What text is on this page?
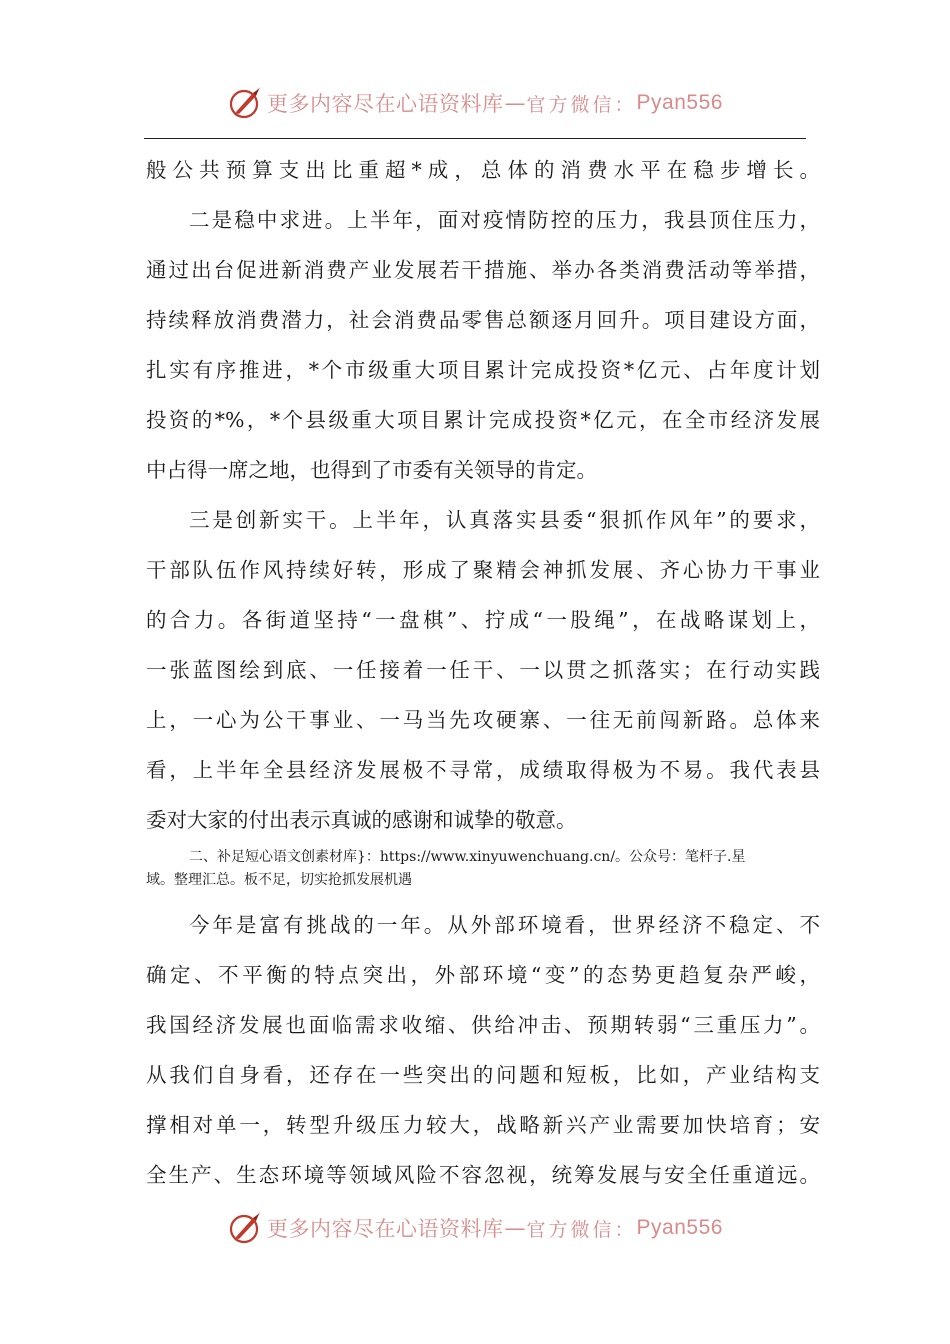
更多内容尽在心语资料库 — 官方微信： Pyan556
般公共预算支出比重超*成，总体的消费水平在稳步增长。
二是稳中求进。上半年，面对疫情防控的压力，我县顶住压力，
通过出台促进新消费产业发展若干措施、举办各类消费活动等举措，
持续释放消费潜力，社会消费品零售总额逐月回升。项目建设方面，
扎实有序推进，*个市级重大项目累计完成投资*亿元、占年度计划
投资的*%，*个县级重大项目累计完成投资*亿元，在全市经济发展
中占得一席之地，也得到了市委有关领导的肯定。
三是创新实干。上半年，认真落实县委“狠抓作风年”的要求，
干部队伍作风持续好转，形成了聚精会神抓发展、齐心协力干事业
的合力。各街道坚持“一盘棋”、拧成“一股绳”，在战略谋划上，
一张蓝图绘到底、一任接着一任干、一以贯之抓落实；在行动实践
上，一心为公干事业、一马当先攻硬寨、一往无前闯新路。总体来
看，上半年全县经济发展极不寻常，成绩取得极为不易。我代表县
委对大家的付出表示真诚的感谢和诚挚的敬意。
二、补足短心语文创素材库}：https://www.xinyuwenchuang.cn/。公众号：笔杆子.星
域。整理汇总。板不足，切实抢抓发展机遇
今年是富有挑战的一年。从外部环境看，世界经济不稳定、不
确定、不平衡的特点突出，外部环境“变”的态势更趋复杂严峻，
我国经济发展也面临需求收缩、供给冲击、预期转弱“三重压力”。
从我们自身看，还存在一些突出的问题和短板，比如，产业结构支
撑相对单一，转型升级压力较大，战略新兴产业需要加快培育；安
全生产、生态环境等领域风险不容忽视，统筹发展与安全任重道远。
更多内容尽在心语资料库 — 官方微信： Pyan556
